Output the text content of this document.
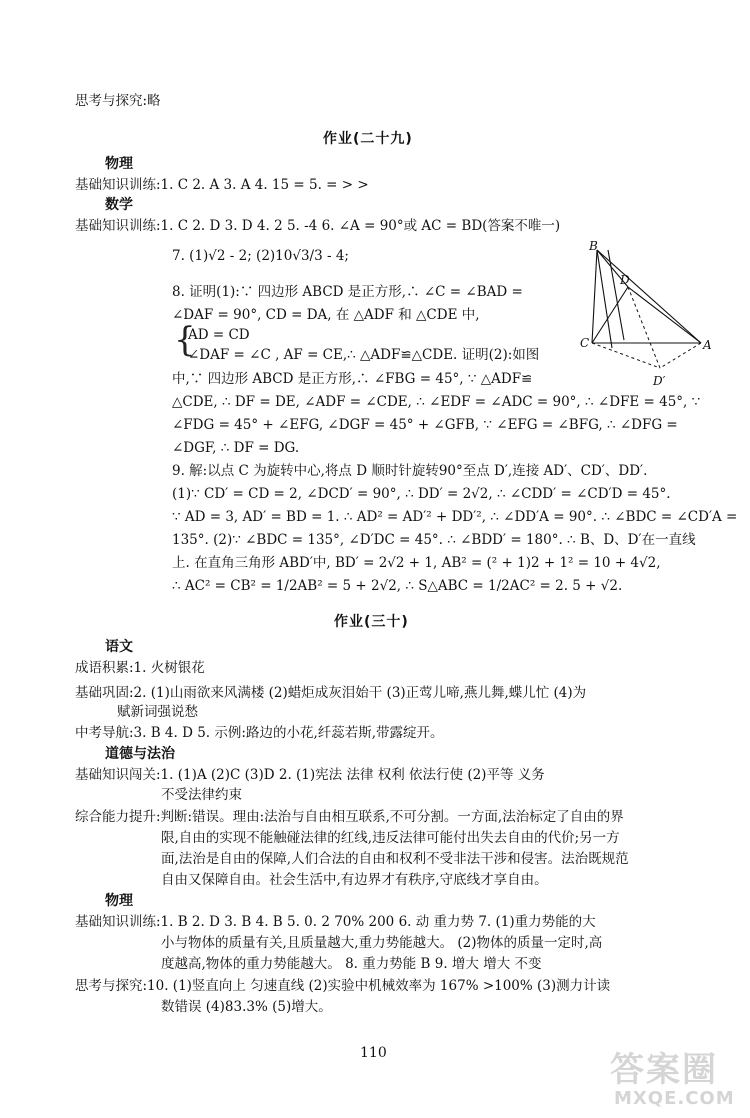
思考与探究:略
作业(二十九)
物理
基础知识训练:1. C 2. A 3. A 4. 15 = 5. = > >
数学
基础知识训练:1. C 2. D 3. D 4. 2 5. -4 6. ∠A = 90°或 AC = BD(答案不唯一)
7. (1)√2 - 2; (2)10√3/3 - 4;
8. 证明(1):∵ 四边形 ABCD 是正方形,∴ ∠C = ∠BAD =
∠DAF = 90°, CD = DA, 在 △ADF 和 △CDE 中,
{
AD = CD
∠DAF = ∠C , AF = CE,∴ △ADF≌△CDE. 证明(2):如图
中,∵ 四边形 ABCD 是正方形,∴ ∠FBG = 45°, ∵ △ADF≌
△CDE, ∴ DF = DE, ∠ADF = ∠CDE, ∴ ∠EDF = ∠ADC = 90°, ∴ ∠DFE = 45°, ∵
∠FDG = 45° + ∠EFG, ∠DGF = 45° + ∠GFB, ∵ ∠EFG = ∠BFG, ∴ ∠DFG =
∠DGF, ∴ DF = DG.
9. 解:以点 C 为旋转中心,将点 D 顺时针旋转90°至点 D′,连接 AD′、CD′、DD′.
(1)∵ CD′ = CD = 2, ∠DCD′ = 90°, ∴ DD′ = 2√2, ∴ ∠CDD′ = ∠CD′D = 45°.
∵ AD = 3, AD′ = BD = 1. ∴ AD² = AD′² + DD′², ∴ ∠DD′A = 90°. ∴ ∠BDC = ∠CD′A =
135°. (2)∵ ∠BDC = 135°, ∠D′DC = 45°. ∴ ∠BDD′ = 180°. ∴ B、D、D′在一直线
上. 在直角三角形 ABD′中, BD′ = 2√2 + 1, AB² = (² + 1)2 + 1² = 10 + 4√2,
∴ AC² = CB² = 1/2AB² = 5 + 2√2, ∴ S△ABC = 1/2AC² = 2. 5 + √2.
B
D
C	A
D′
作业(三十)
语文
成语积累:1. 火树银花
基础巩固:2. (1)山雨欲来风满楼 (2)蜡炬成灰泪始干 (3)正莺儿啼,燕儿舞,蝶儿忙 (4)为
赋新词强说愁
中考导航:3. B 4. D 5. 示例:路边的小花,纤蕊若斯,带露绽开。
道德与法治
基础知识闯关:1. (1)A (2)C (3)D 2. (1)宪法 法律 权利 依法行使 (2)平等 义务
不受法律约束
综合能力提升:判断:错误。理由:法治与自由相互联系,不可分割。一方面,法治标定了自由的界
限,自由的实现不能触碰法律的红线,违反法律可能付出失去自由的代价;另一方
面,法治是自由的保障,人们合法的自由和权利不受非法干涉和侵害。法治既规范
自由又保障自由。社会生活中,有边界才有秩序,守底线才享自由。
物理
基础知识训练:1. B 2. D 3. B 4. B 5. 0. 2 70% 200 6. 动 重力势 7. (1)重力势能的大
小与物体的质量有关,且质量越大,重力势能越大。 (2)物体的质量一定时,高
度越高,物体的重力势能越大。 8. 重力势能 B 9. 增大 增大 不变
思考与探究:10. (1)竖直向上 匀速直线 (2)实验中机械效率为 167% >100% (3)测力计读
数错误 (4)83.3% (5)增大。
110	答案圈
MXQE.COM
